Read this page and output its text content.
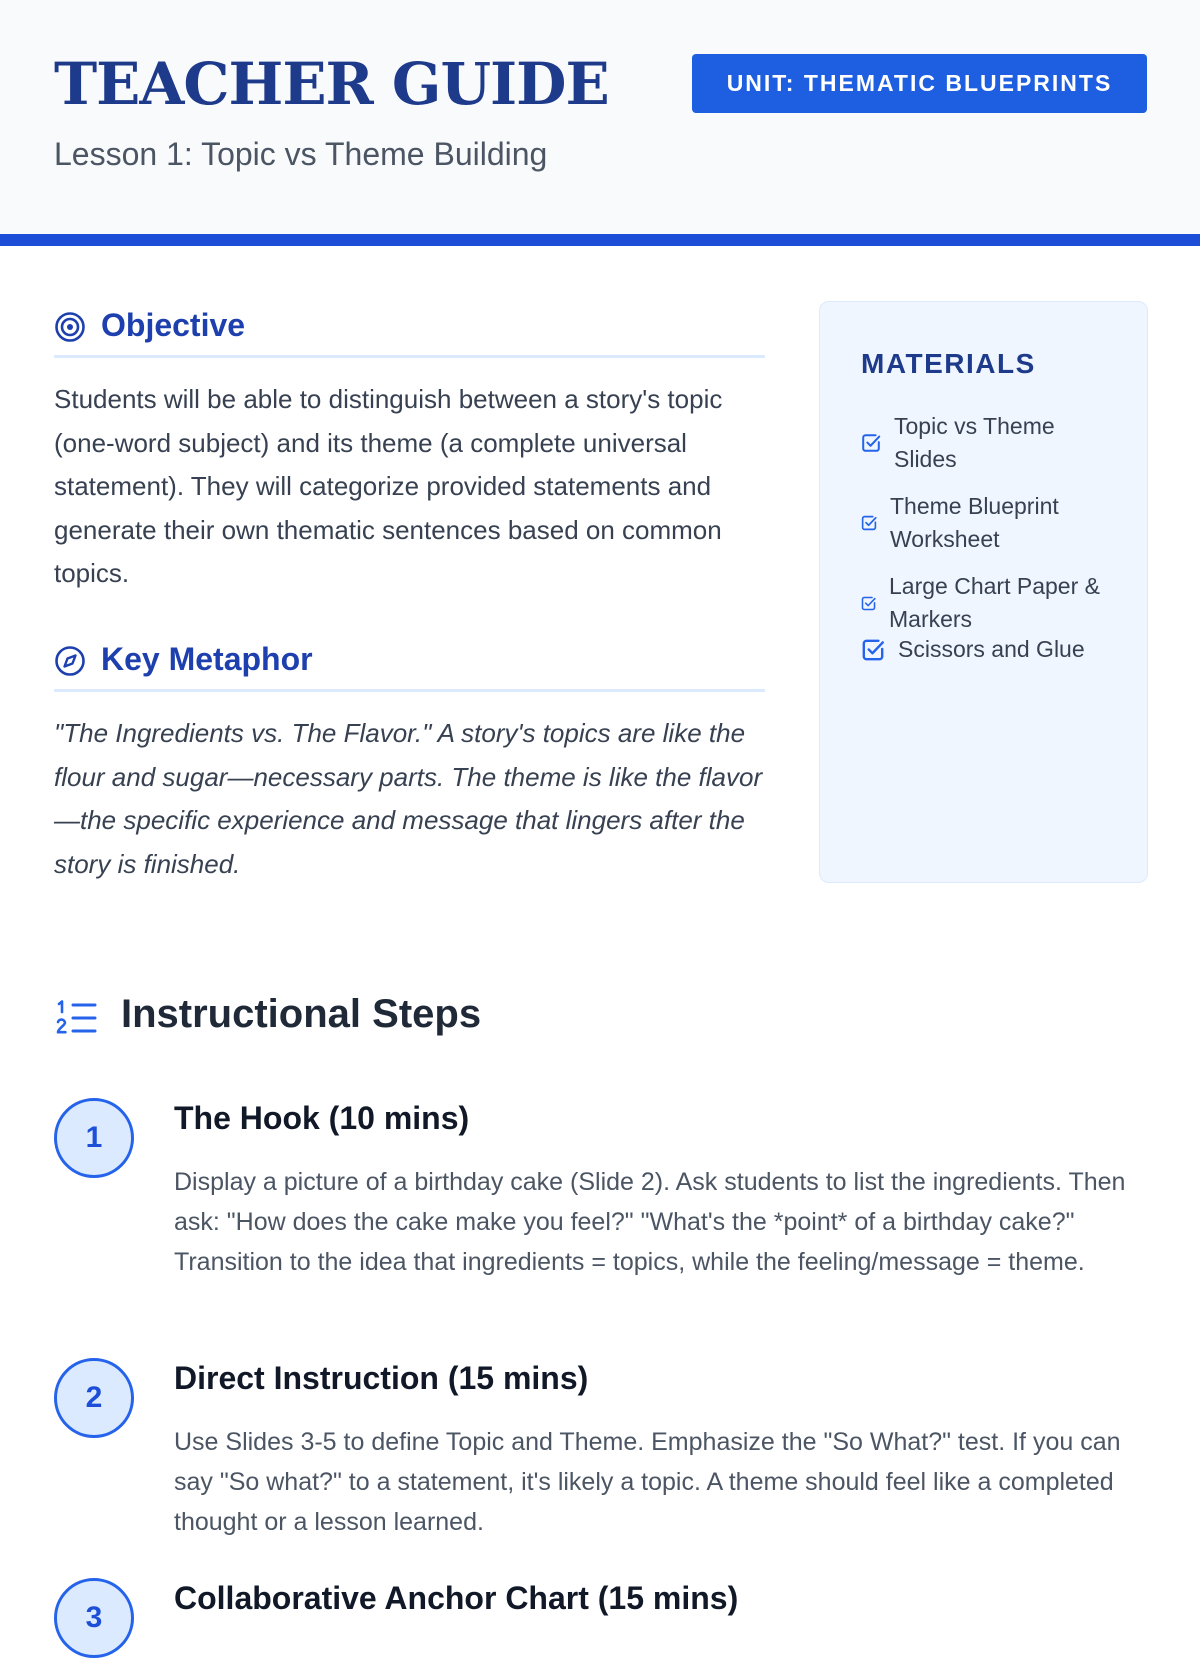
TEACHER GUIDE
Lesson 1: Topic vs Theme Building
UNIT: THEMATIC BLUEPRINTS
Objective

Students will be able to distinguish between a story's topic (one-word subject) and its theme (a complete universal statement). They will categorize provided statements and generate their own thematic sentences based on common topics.

Key Metaphor

"The Ingredients vs. The Flavor." A story's topics are like the flour and sugar—necessary parts. The theme is like the flavor—the specific experience and message that lingers after the story is finished.

MATERIALS
Topic vs Theme Slides
Theme Blueprint Worksheet
Large Chart Paper & Markers
Scissors and Glue
Instructional Steps
1
The Hook (10 mins)

Display a picture of a birthday cake (Slide 2). Ask students to list the ingredients. Then ask: "How does the cake make you feel?" "What's the *point* of a birthday cake?" Transition to the idea that ingredients = topics, while the feeling/message = theme.

2
Direct Instruction (15 mins)

Use Slides 3-5 to define Topic and Theme. Emphasize the "So What?" test. If you can say "So what?" to a statement, it's likely a topic. A theme should feel like a completed thought or a lesson learned.

3
Collaborative Anchor Chart (15 mins)
